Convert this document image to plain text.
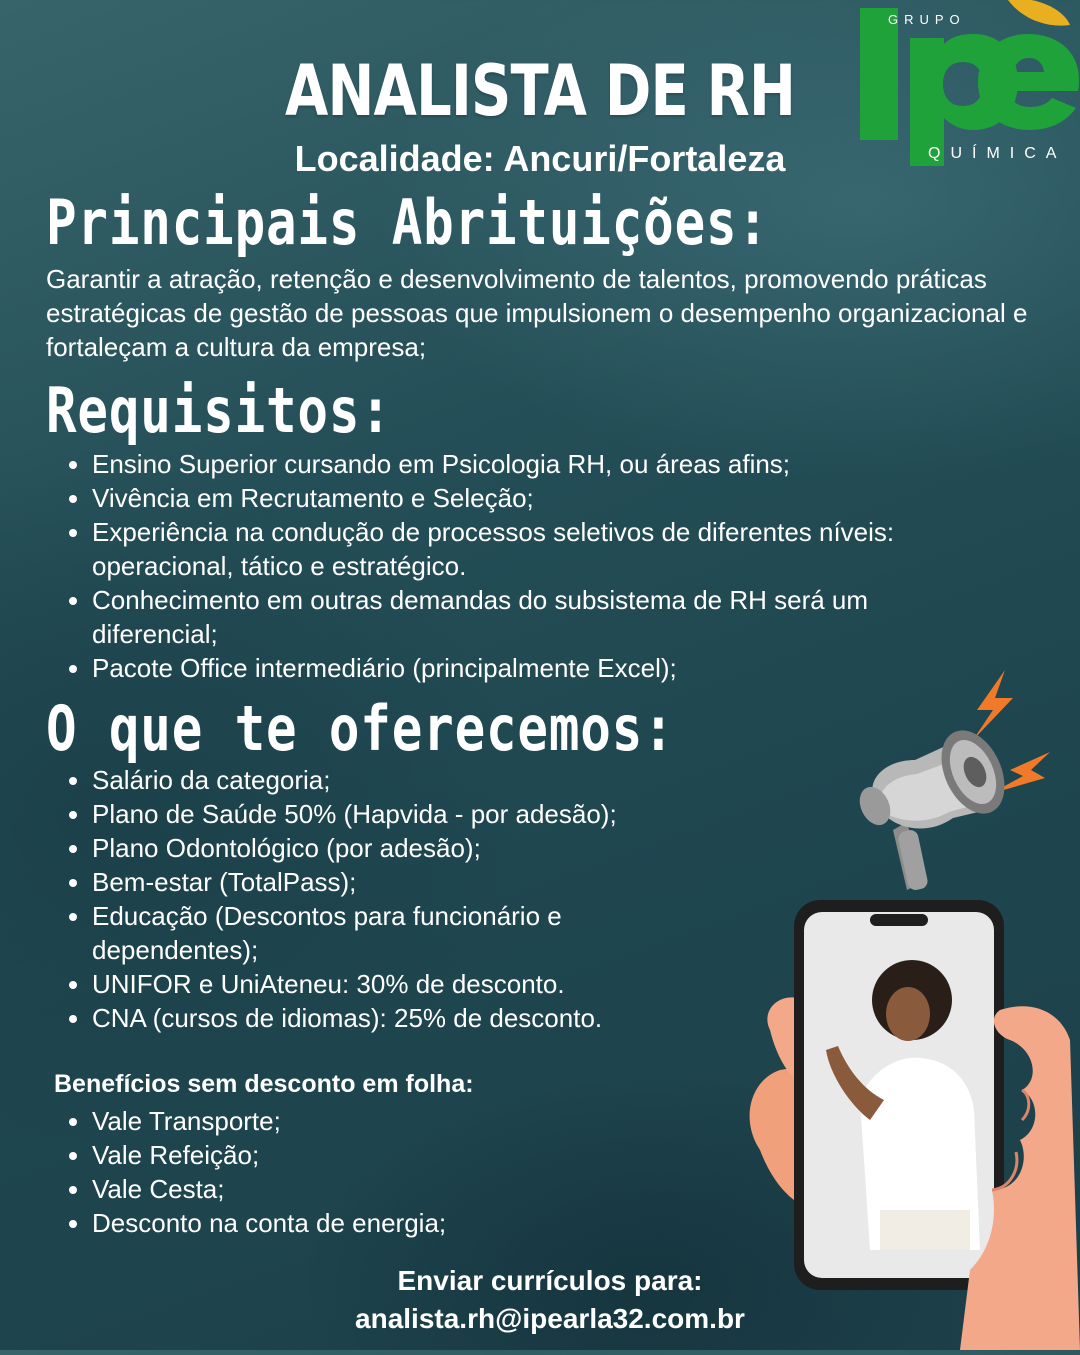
GRUPO
QUÍMICA
ANALISTA DE RH
Localidade: Ancuri/Fortaleza
Principais Abrituições:
Garantir a atração, retenção e desenvolvimento de talentos, promovendo práticas estratégicas de gestão de pessoas que impulsionem o desempenho organizacional e fortaleçam a cultura da empresa;
Requisitos:
• Ensino Superior cursando em Psicologia RH, ou áreas afins;
• Vivência em Recrutamento e Seleção;
• Experiência na condução de processos seletivos de diferentes níveis: operacional, tático e estratégico.
• Conhecimento em outras demandas do subsistema de RH será um diferencial;
• Pacote Office intermediário (principalmente Excel);
O que te oferecemos:
• Salário da categoria;
• Plano de Saúde 50% (Hapvida - por adesão);
• Plano Odontológico (por adesão);
• Bem-estar (TotalPass);
• Educação (Descontos para funcionário e dependentes);
• UNIFOR e UniAteneu: 30% de desconto.
• CNA (cursos de idiomas): 25% de desconto.
Benefícios sem desconto em folha:
• Vale Transporte;
• Vale Refeição;
• Vale Cesta;
• Desconto na conta de energia;
Enviar currículos para:
analista.rh@ipearla32.com.br
